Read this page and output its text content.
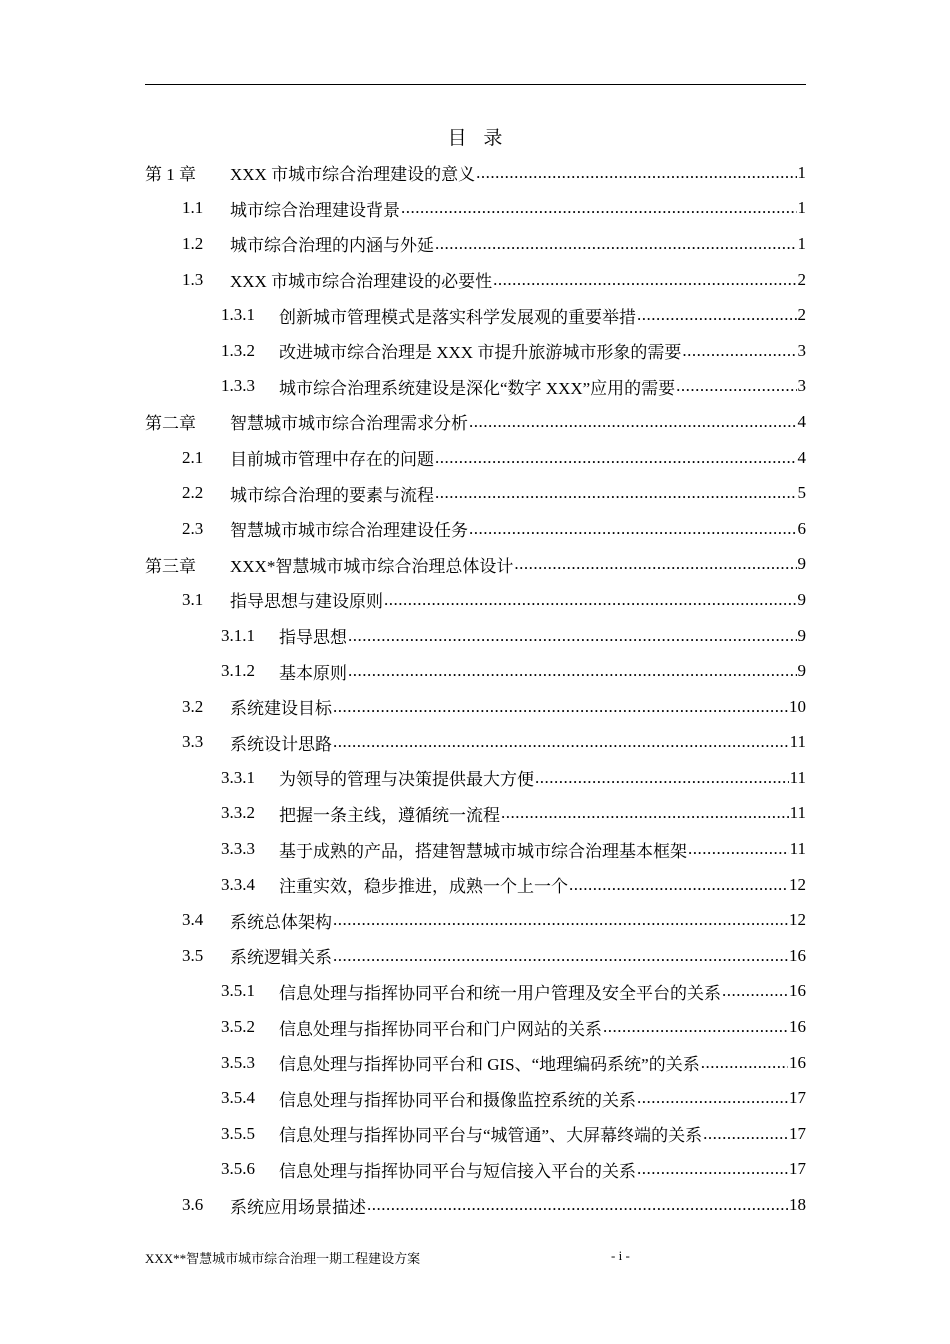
目 录
第 1 章	XXX 市城市综合治理建设的意义 .....	1
1.1	城市综合治理建设背景 .....	1
1.2	城市综合治理的内涵与外延 .....	1
1.3	XXX 市城市综合治理建设的必要性 .....	2
1.3.1	创新城市管理模式是落实科学发展观的重要举措 .....	2
1.3.2	改进城市综合治理是 XXX 市提升旅游城市形象的需要 .....	3
1.3.3	城市综合治理系统建设是深化“数字 XXX”应用的需要 .....	3
第二章	智慧城市城市综合治理需求分析 .....	4
2.1	目前城市管理中存在的问题 .....	4
2.2	城市综合治理的要素与流程 .....	5
2.3	智慧城市城市综合治理建设任务 .....	6
第三章	XXX*智慧城市城市综合治理总体设计 .....	9
3.1	指导思想与建设原则 .....	9
3.1.1	指导思想 .....	9
3.1.2	基本原则 .....	9
3.2	系统建设目标 .....	10
3.3	系统设计思路 .....	11
3.3.1	为领导的管理与决策提供最大方便 .....	11
3.3.2	把握一条主线，遵循统一流程 .....	11
3.3.3	基于成熟的产品，搭建智慧城市城市综合治理基本框架 .....	11
3.3.4	注重实效，稳步推进，成熟一个上一个 .....	12
3.4	系统总体架构 .....	12
3.5	系统逻辑关系 .....	16
3.5.1	信息处理与指挥协同平台和统一用户管理及安全平台的关系 .....	16
3.5.2	信息处理与指挥协同平台和门户网站的关系 .....	16
3.5.3	信息处理与指挥协同平台和 GIS、“地理编码系统”的关系 .....	16
3.5.4	信息处理与指挥协同平台和摄像监控系统的关系 .....	17
3.5.5	信息处理与指挥协同平台与“城管通”、大屏幕终端的关系 .....	17
3.5.6	信息处理与指挥协同平台与短信接入平台的关系 .....	17
3.6	系统应用场景描述 .....	18
XXX**智慧城市城市综合治理一期工程建设方案	- i -
